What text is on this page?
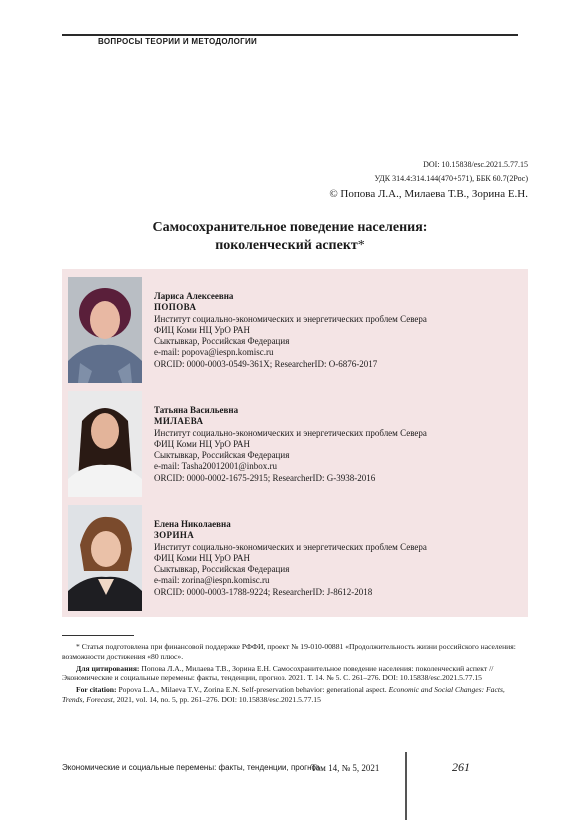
ВОПРОСЫ ТЕОРИИ И МЕТОДОЛОГИИ
DOI: 10.15838/esc.2021.5.77.15
УДК 314.4:314.144(470+571), ББК 60.7(2Рос)
© Попова Л.А., Милаева Т.В., Зорина Е.Н.
Самосохранительное поведение населения:
поколенческий аспект*
Лариса Алексеевна
ПОПОВА
Институт социально-экономических и энергетических проблем Севера
ФИЦ Коми НЦ УрО РАН
Сыктывкар, Российская Федерация
e-mail: popova@iespn.komisc.ru
ORCID: 0000-0003-0549-361X; ResearcherID: O-6876-2017
Татьяна Васильевна
МИЛАЕВА
Институт социально-экономических и энергетических проблем Севера
ФИЦ Коми НЦ УрО РАН
Сыктывкар, Российская Федерация
e-mail: Tasha20012001@inbox.ru
ORCID: 0000-0002-1675-2915; ResearcherID: G-3938-2016
Елена Николаевна
ЗОРИНА
Институт социально-экономических и энергетических проблем Севера
ФИЦ Коми НЦ УрО РАН
Сыктывкар, Российская Федерация
e-mail: zorina@iespn.komisc.ru
ORCID: 0000-0003-1788-9224; ResearcherID: J-8612-2018

* Статья подготовлена при финансовой поддержке РФФИ, проект № 19-010-00881 «Продолжительность жизни российского населения: возможности достижения «80 плюс».

Для цитирования: Попова Л.А., Милаева Т.В., Зорина Е.Н. Самосохранительное поведение населения: поколенческий аспект // Экономические и социальные перемены: факты, тенденции, прогноз. 2021. Т. 14. № 5. С. 261–276. DOI: 10.15838/esc.2021.5.77.15

For citation: Popova L.A., Milaeva T.V., Zorina E.N. Self-preservation behavior: generational aspect. Economic and Social Changes: Facts, Trends, Forecast, 2021, vol. 14, no. 5, pp. 261–276. DOI: 10.15838/esc.2021.5.77.15

Экономические и социальные перемены: факты, тенденции, прогноз
Том 14, № 5, 2021	261
